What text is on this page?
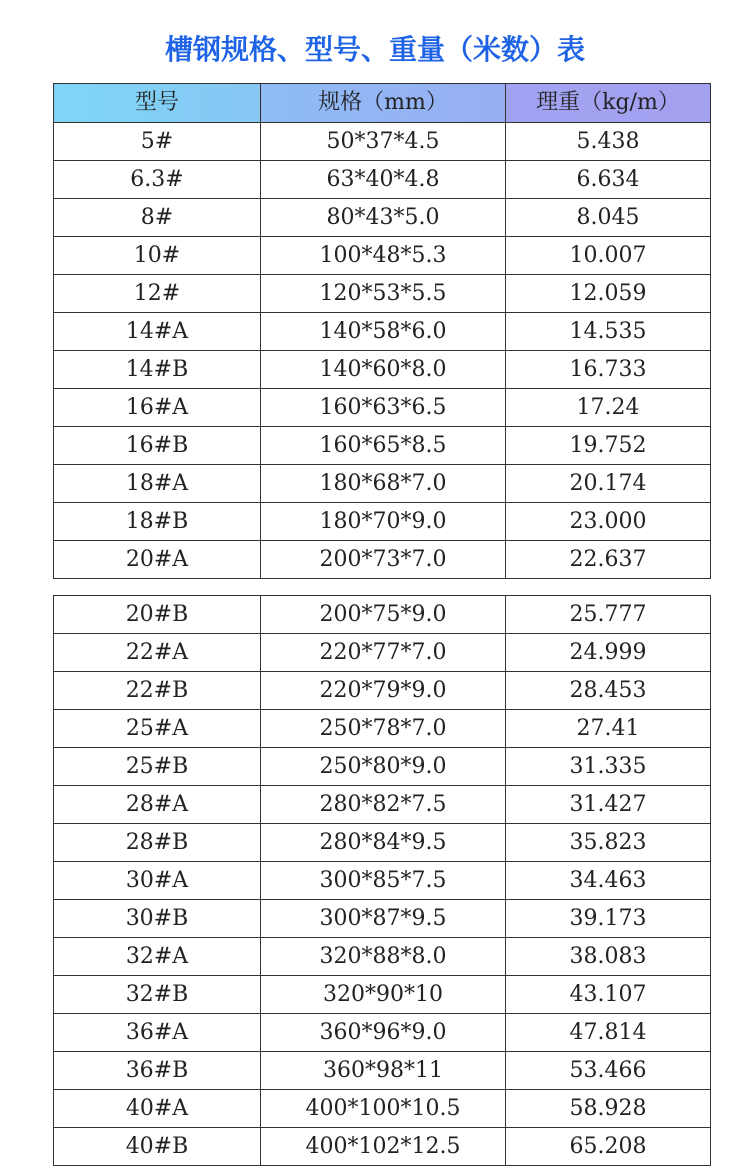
槽钢规格、型号、重量（米数）表
型号	规格（mm）	理重（kg/m）
5#	50*37*4.5	5.438
6.3#	63*40*4.8	6.634
8#	80*43*5.0	8.045
10#	100*48*5.3	10.007
12#	120*53*5.5	12.059
14#A	140*58*6.0	14.535
14#B	140*60*8.0	16.733
16#A	160*63*6.5	17.24
16#B	160*65*8.5	19.752
18#A	180*68*7.0	20.174
18#B	180*70*9.0	23.000
20#A	200*73*7.0	22.637
20#B	200*75*9.0	25.777
22#A	220*77*7.0	24.999
22#B	220*79*9.0	28.453
25#A	250*78*7.0	27.41
25#B	250*80*9.0	31.335
28#A	280*82*7.5	31.427
28#B	280*84*9.5	35.823
30#A	300*85*7.5	34.463
30#B	300*87*9.5	39.173
32#A	320*88*8.0	38.083
32#B	320*90*10	43.107
36#A	360*96*9.0	47.814
36#B	360*98*11	53.466
40#A	400*100*10.5	58.928
40#B	400*102*12.5	65.208
